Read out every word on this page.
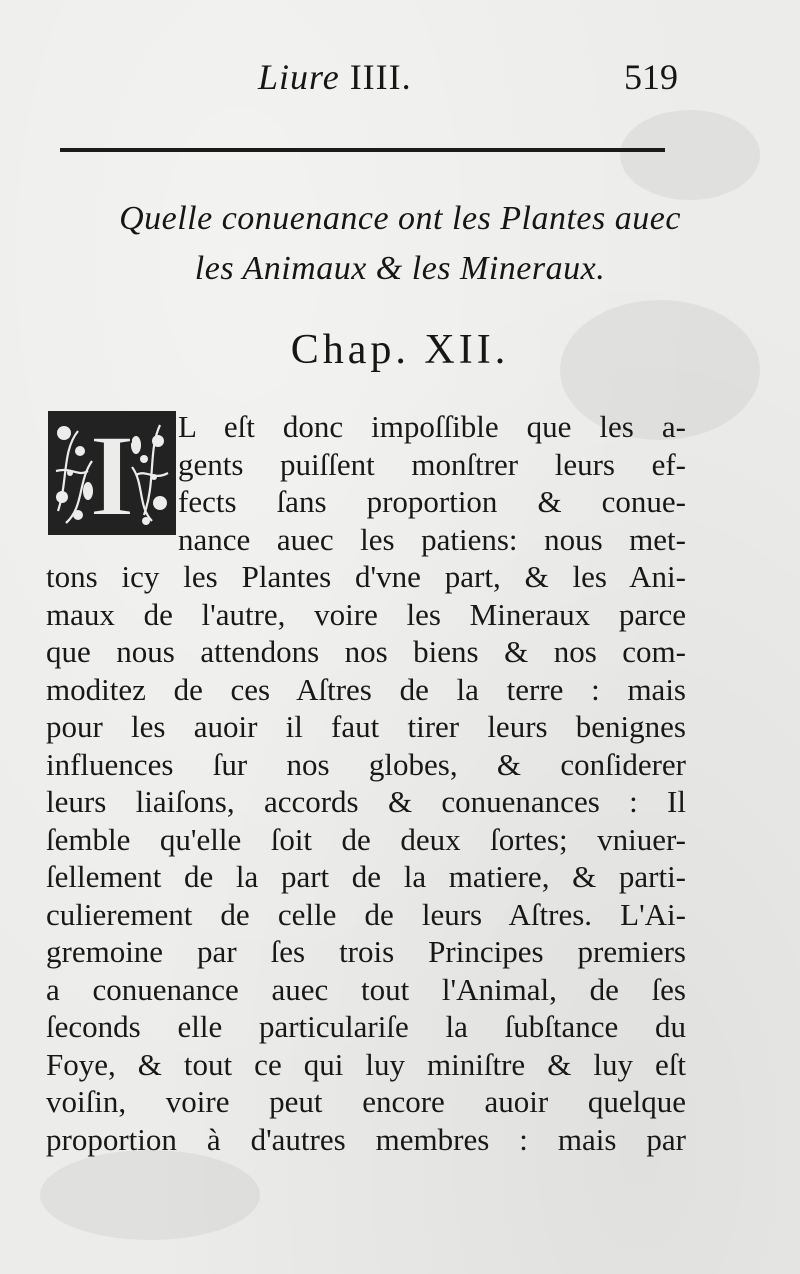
Liure IIII.	519
Quelle conuenance ont les Plantes auec
les Animaux & les Mineraux.
Chap. XII.
I L eſt donc impoſſible que les a-
gents puiſſent monſtrer leurs ef-
fects ſans proportion & conue-
nance auec les patiens: nous met-
tons icy les Plantes d'vne part, & les Ani-
maux de l'autre, voire les Mineraux parce
que nous attendons nos biens & nos com-
moditez de ces Aſtres de la terre : mais
pour les auoir il faut tirer leurs benignes
influences ſur nos globes, & conſiderer
leurs liaiſons, accords & conuenances : Il
ſemble qu'elle ſoit de deux ſortes; vniuer-
ſellement de la part de la matiere, & parti-
culierement de celle de leurs Aſtres. L'Ai-
gremoine par ſes trois Principes premiers
a conuenance auec tout l'Animal, de ſes
ſeconds elle particulariſe la ſubſtance du
Foye, & tout ce qui luy miniſtre & luy eſt
voiſin, voire peut encore auoir quelque
proportion à d'autres membres : mais par
